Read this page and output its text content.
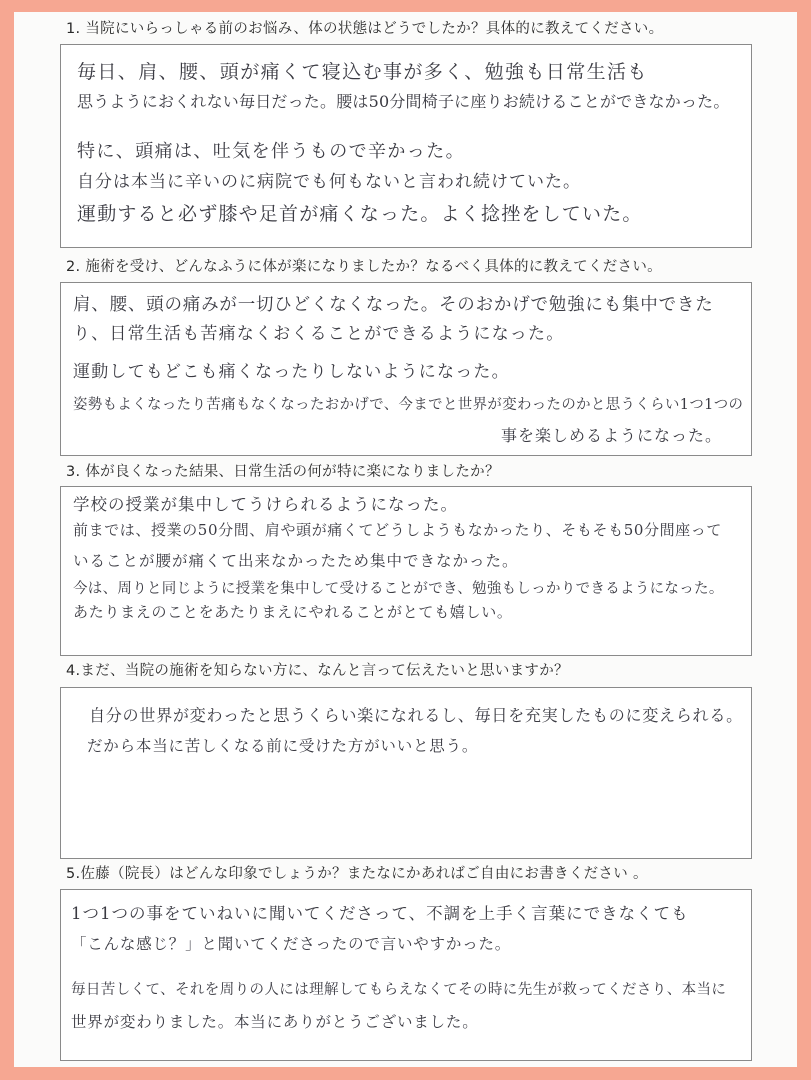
1. 当院にいらっしゃる前のお悩み、体の状態はどうでしたか？具体的に教えてください。
毎日、肩、腰、頭が痛くて寝込む事が多く、勉強も日常生活も
思うようにおくれない毎日だった。腰は50分間椅子に座りお続けることができなかった。
特に、頭痛は、吐気を伴うもので辛かった。
自分は本当に辛いのに病院でも何もないと言われ続けていた。
運動すると必ず膝や足首が痛くなった。よく捻挫をしていた。
2. 施術を受け、どんなふうに体が楽になりましたか？なるべく具体的に教えてください。
肩、腰、頭の痛みが一切ひどくなくなった。そのおかげで勉強にも集中できた
り、日常生活も苦痛なくおくることができるようになった。
運動してもどこも痛くなったりしないようになった。
姿勢もよくなったり苦痛もなくなったおかげで、今までと世界が変わったのかと思うくらい1つ1つの
事を楽しめるようになった。
3. 体が良くなった結果、日常生活の何が特に楽になりましたか？
学校の授業が集中してうけられるようになった。
前までは、授業の50分間、肩や頭が痛くてどうしようもなかったり、そもそも50分間座って
いることが腰が痛くて出来なかったため集中できなかった。
今は、周りと同じように授業を集中して受けることができ、勉強もしっかりできるようになった。
あたりまえのことをあたりまえにやれることがとても嬉しい。
4.まだ、当院の施術を知らない方に、なんと言って伝えたいと思いますか？
自分の世界が変わったと思うくらい楽になれるし、毎日を充実したものに変えられる。
だから本当に苦しくなる前に受けた方がいいと思う。
5.佐藤（院長）はどんな印象でしょうか？またなにかあればご自由にお書きください 。
1つ1つの事をていねいに聞いてくださって、不調を上手く言葉にできなくても
「こんな感じ？」と聞いてくださったので言いやすかった。
毎日苦しくて、それを周りの人には理解してもらえなくてその時に先生が救ってくださり、本当に
世界が変わりました。本当にありがとうございました。
